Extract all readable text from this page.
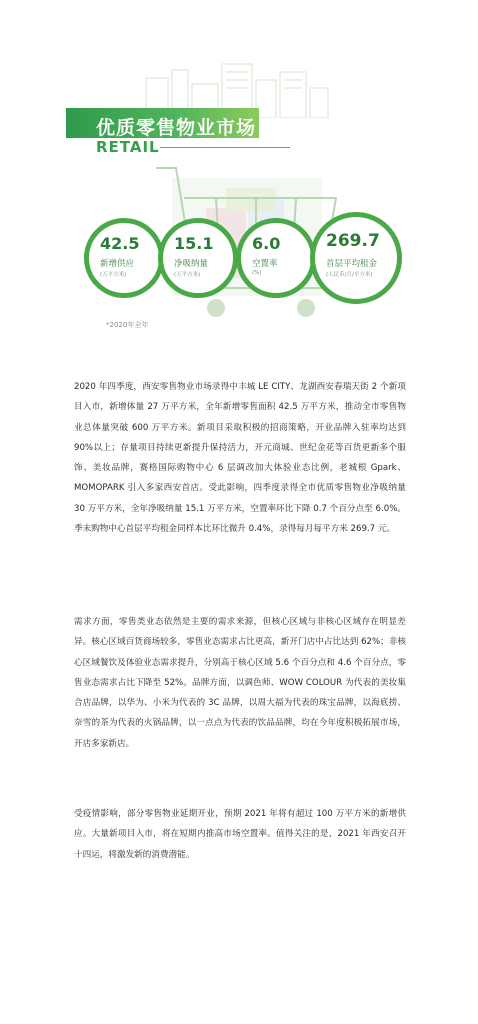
优质零售物业市场
RETAIL
42.5
新增供应
(万平方米)
15.1
净吸纳量
(万平方米)
6.0
空置率
(%)
269.7
首层平均租金
(人民币/月/平方米)
*2020年全年

2020 年四季度，西安零售物业市场录得中丰城 LE CITY、龙湖西安春瑞天街 2 个新项目入市，新增体量 27 万平方米，全年新增零售面积 42.5 万平方米，推动全市零售物业总体量突破 600 万平方米。新项目采取积极的招商策略，开业品牌入驻率均达到 90%以上；存量项目持续更新提升保持活力，开元商城、世纪金花等百货更新多个服饰、美妆品牌，赛格国际购物中心 6 层调改加大体验业态比例，老城根 Gpark、MOMOPARK 引入多家西安首店。受此影响，四季度录得全市优质零售物业净吸纳量 30 万平方米，全年净吸纳量 15.1 万平方米，空置率环比下降 0.7 个百分点至 6.0%。季末购物中心首层平均租金同样本比环比微升 0.4%，录得每月每平方米 269.7 元。

需求方面，零售类业态依然是主要的需求来源，但核心区域与非核心区域存在明显差异。核心区域百货商场较多，零售业态需求占比更高，新开门店中占比达到 62%；非核心区域餐饮及体验业态需求提升，分别高于核心区域 5.6 个百分点和 4.6 个百分点，零售业态需求占比下降至 52%。品牌方面，以调色师、WOW COLOUR 为代表的美妆集合店品牌，以华为、小米为代表的 3C 品牌，以周大福为代表的珠宝品牌，以海底捞、奈雪的茶为代表的火锅品牌，以一点点为代表的饮品品牌，均在今年度积极拓展市场，开店多家新店。

受疫情影响，部分零售物业延期开业，预期 2021 年将有超过 100 万平方米的新增供应。大量新项目入市，将在短期内推高市场空置率。值得关注的是，2021 年西安召开十四运，将激发新的消费潜能。
